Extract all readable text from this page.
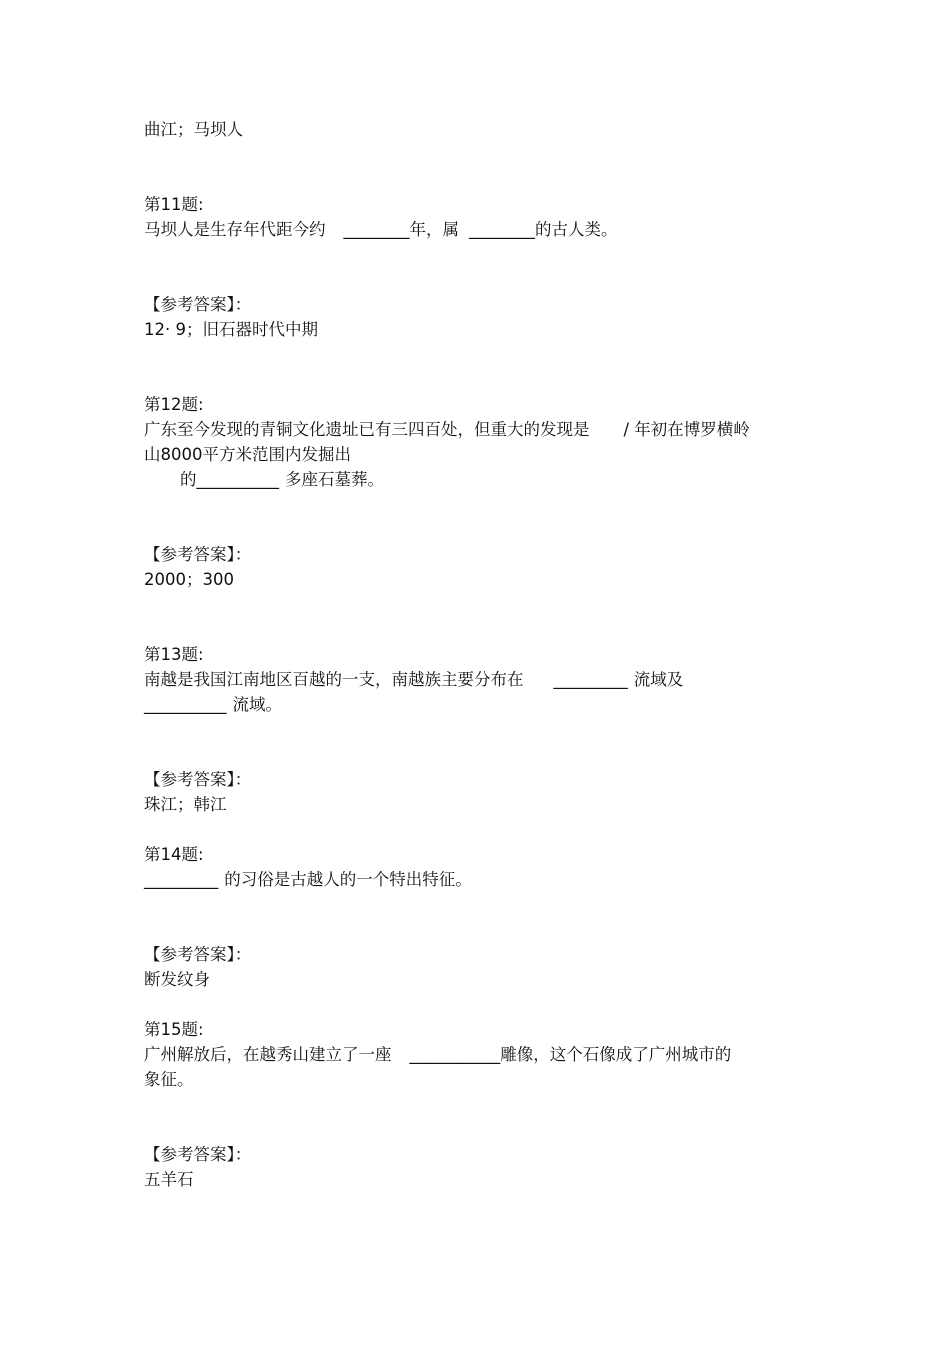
曲江；马坝人

第11题:

马坝人是生存年代距今约 ________年，属 ________的古人类。

【参考答案】：

12· 9；旧石器时代中期

第12题:

广东至今发现的青铜文化遗址已有三四百处，但重大的发现是 / 年初在博罗横岭

山8000平方米范围内发掘出

的__________ 多座石墓葬。

【参考答案】：

2000；300

第13题:

南越是我国江南地区百越的一支，南越族主要分布在 _________ 流域及

__________ 流域。

【参考答案】：

珠江；韩江

第14题:

_________ 的习俗是古越人的一个特出特征。

【参考答案】：

断发纹身

第15题:

广州解放后，在越秀山建立了一座 ___________雕像，这个石像成了广州城市的

象征。

【参考答案】：

五羊石
